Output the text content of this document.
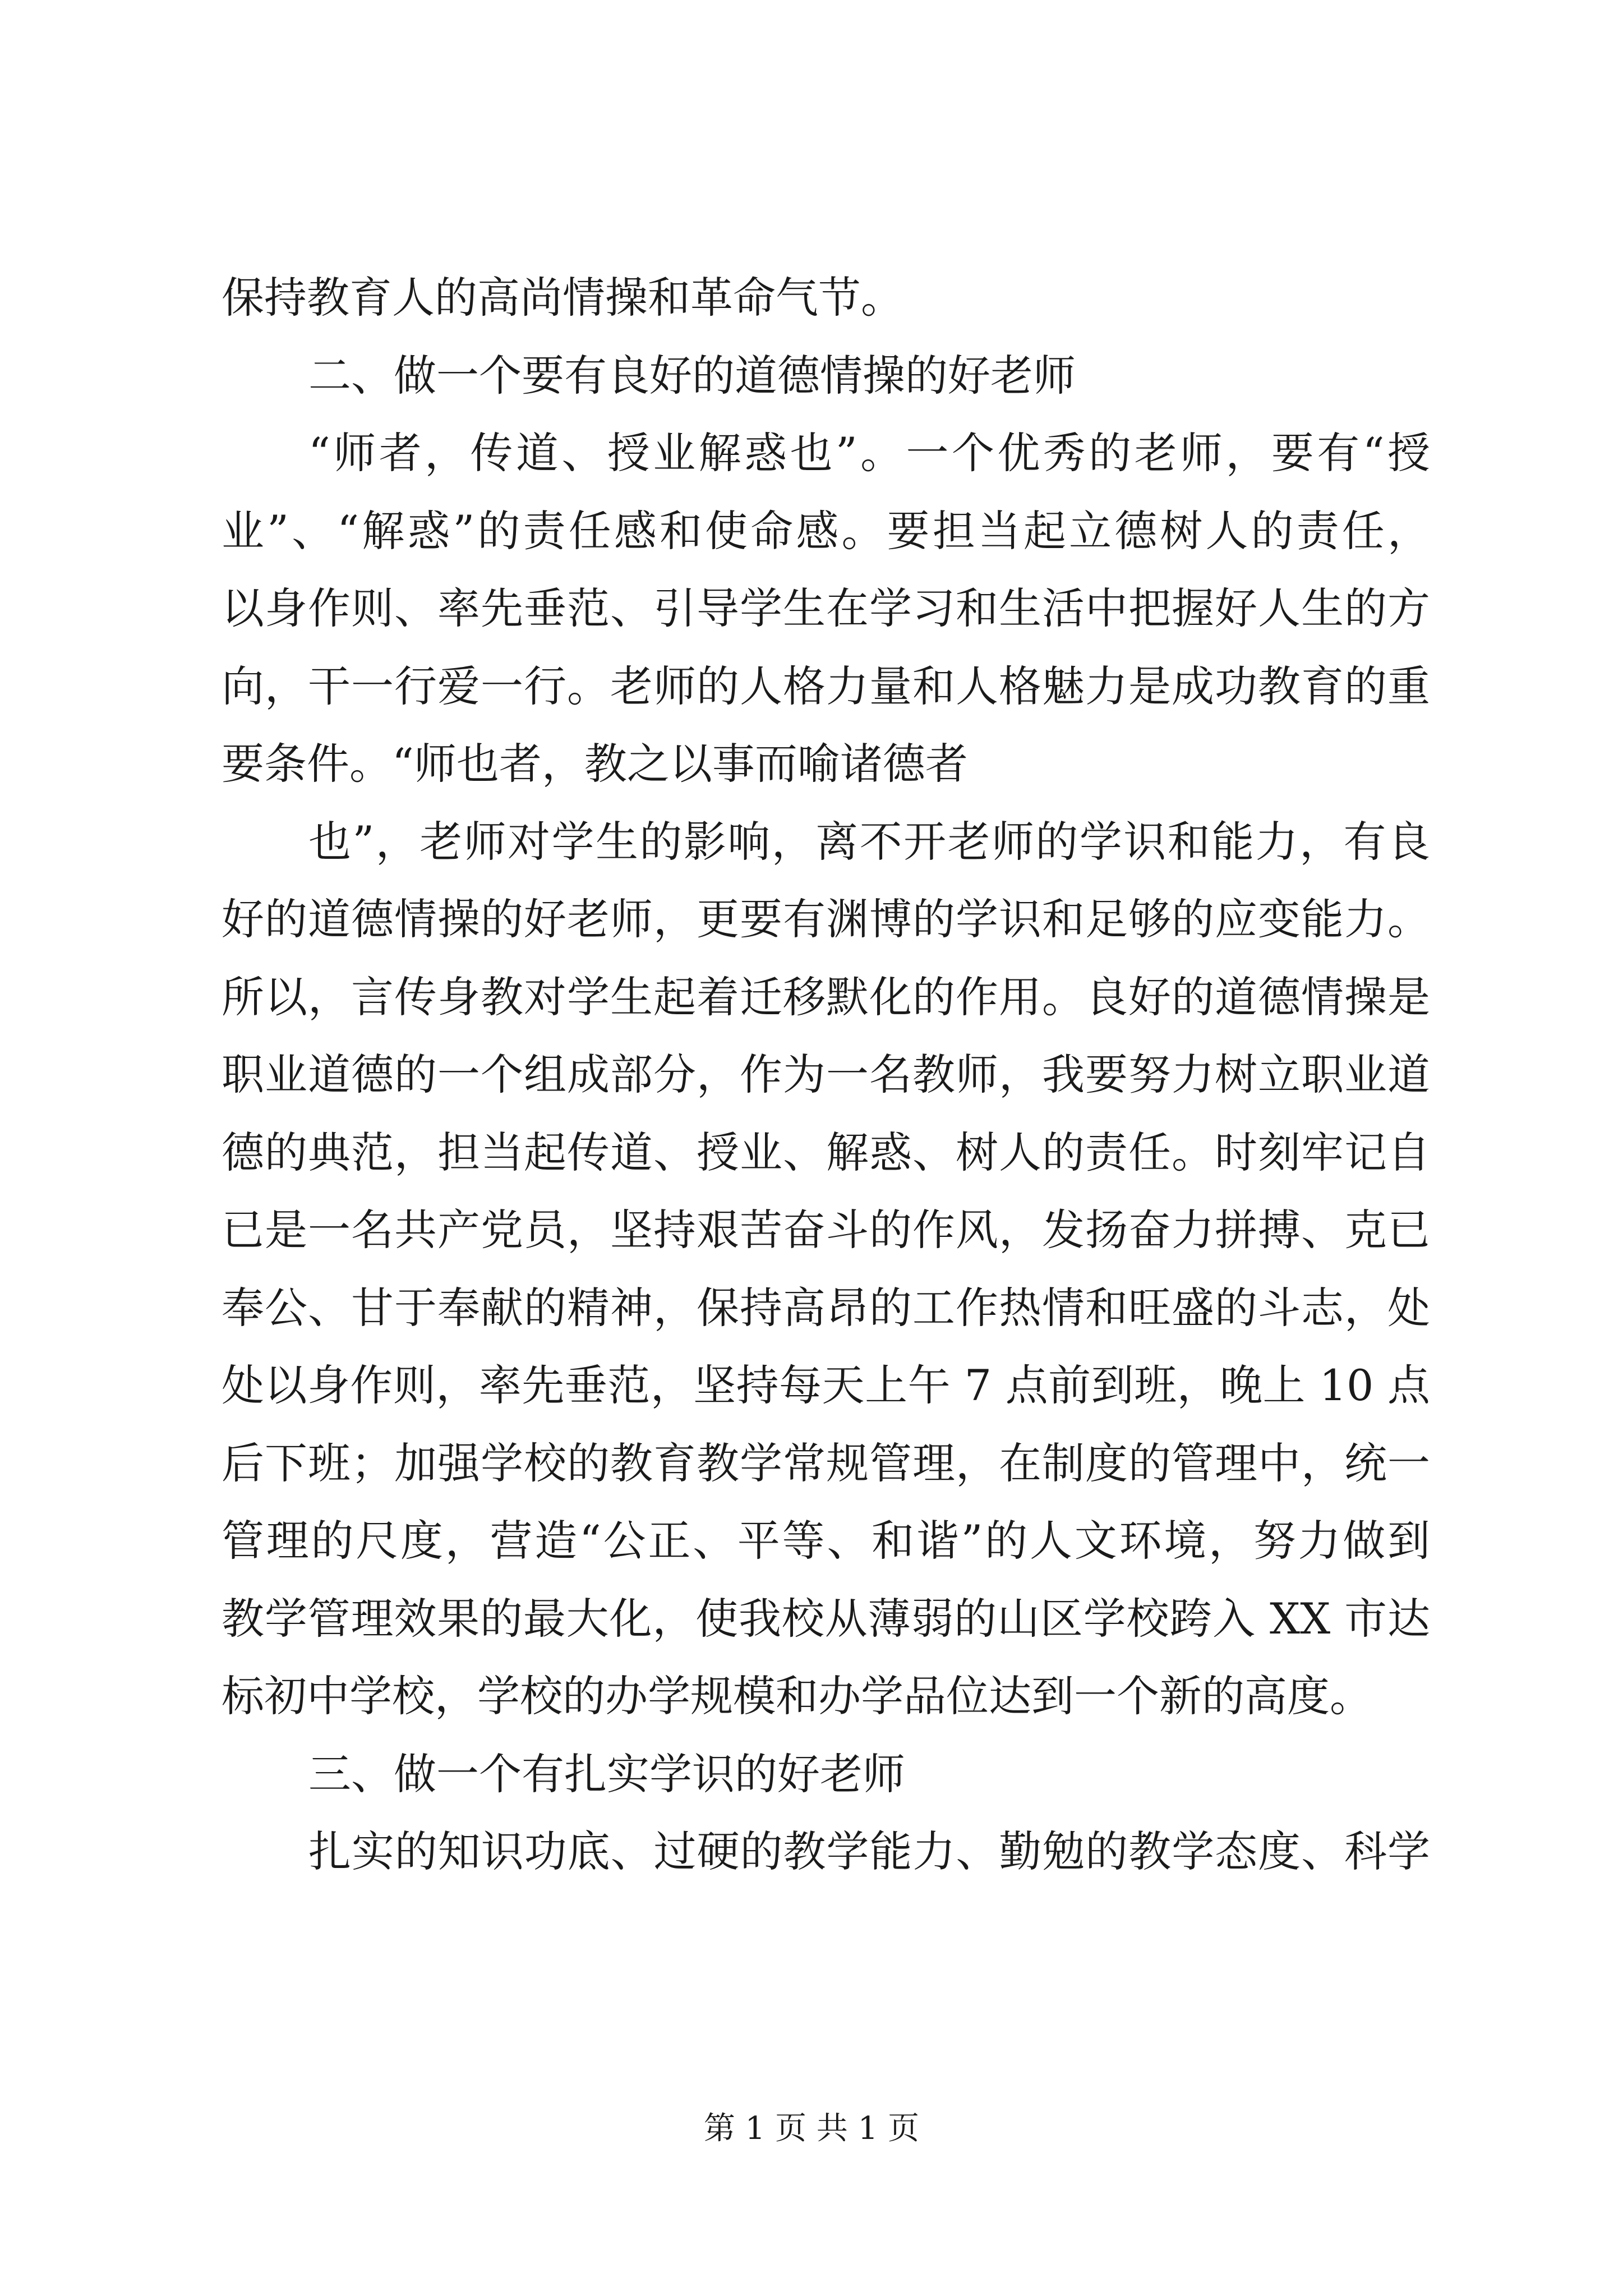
保持教育人的高尚情操和革命气节。
二、做一个要有良好的道德情操的好老师
“师者，传道、授业解惑也”。一个优秀的老师，要有“授
业”、“解惑”的责任感和使命感。要担当起立德树人的责任，
以身作则、率先垂范、引导学生在学习和生活中把握好人生的方
向，干一行爱一行。老师的人格力量和人格魅力是成功教育的重
要条件。“师也者，教之以事而喻诸德者
也”，老师对学生的影响，离不开老师的学识和能力，有良
好的道德情操的好老师，更要有渊博的学识和足够的应变能力。
所以，言传身教对学生起着迁移默化的作用。良好的道德情操是
职业道德的一个组成部分，作为一名教师，我要努力树立职业道
德的典范，担当起传道、授业、解惑、树人的责任。时刻牢记自
已是一名共产党员，坚持艰苦奋斗的作风，发扬奋力拼搏、克已
奉公、甘于奉献的精神，保持高昂的工作热情和旺盛的斗志，处
处以身作则，率先垂范，坚持每天上午 7 点前到班，晚上 10 点
后下班；加强学校的教育教学常规管理，在制度的管理中，统一
管理的尺度，营造“公正、平等、和谐”的人文环境，努力做到
教学管理效果的最大化，使我校从薄弱的山区学校跨入 XX 市达
标初中学校，学校的办学规模和办学品位达到一个新的高度。
三、做一个有扎实学识的好老师
扎实的知识功底、过硬的教学能力、勤勉的教学态度、科学
第 1 页 共 1 页
